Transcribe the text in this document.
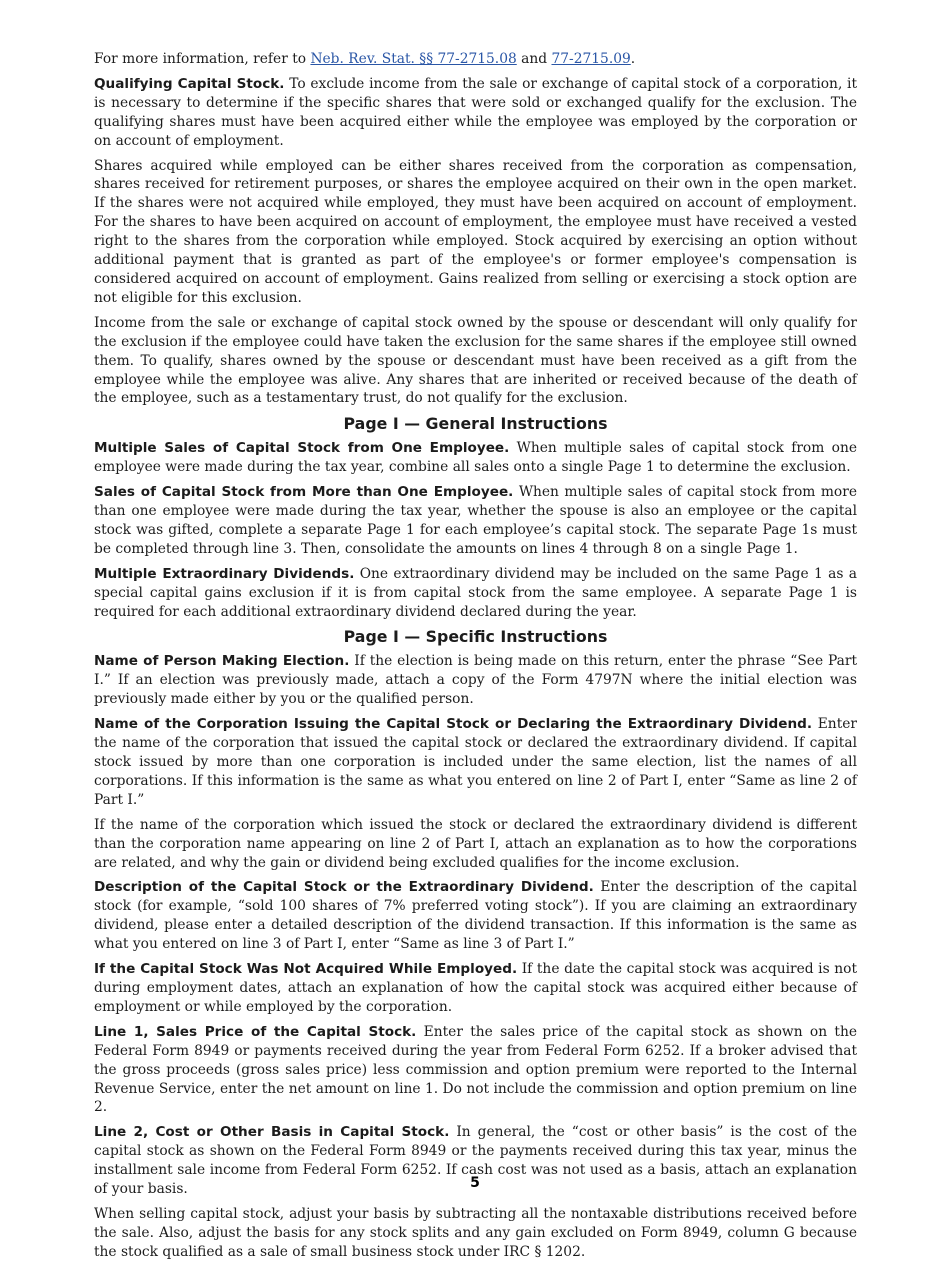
For more information, refer to Neb. Rev. Stat. §§ 77-2715.08 and 77-2715.09.

Qualifying Capital Stock. To exclude income from the sale or exchange of capital stock of a corporation, it is necessary to determine if the specific shares that were sold or exchanged qualify for the exclusion. The qualifying shares must have been acquired either while the employee was employed by the corporation or on account of employment.

Shares acquired while employed can be either shares received from the corporation as compensation, shares received for retirement purposes, or shares the employee acquired on their own in the open market. If the shares were not acquired while employed, they must have been acquired on account of employment. For the shares to have been acquired on account of employment, the employee must have received a vested right to the shares from the corporation while employed. Stock acquired by exercising an option without additional payment that is granted as part of the employee's or former employee's compensation is considered acquired on account of employment. Gains realized from selling or exercising a stock option are not eligible for this exclusion.

Income from the sale or exchange of capital stock owned by the spouse or descendant will only qualify for the exclusion if the employee could have taken the exclusion for the same shares if the employee still owned them. To qualify, shares owned by the spouse or descendant must have been received as a gift from the employee while the employee was alive. Any shares that are inherited or received because of the death of the employee, such as a testamentary trust, do not qualify for the exclusion.

Page I — General Instructions

Multiple Sales of Capital Stock from One Employee. When multiple sales of capital stock from one employee were made during the tax year, combine all sales onto a single Page 1 to determine the exclusion.

Sales of Capital Stock from More than One Employee. When multiple sales of capital stock from more than one employee were made during the tax year, whether the spouse is also an employee or the capital stock was gifted, complete a separate Page 1 for each employee’s capital stock. The separate Page 1s must be completed through line 3. Then, consolidate the amounts on lines 4 through 8 on a single Page 1.

Multiple Extraordinary Dividends. One extraordinary dividend may be included on the same Page 1 as a special capital gains exclusion if it is from capital stock from the same employee. A separate Page 1 is required for each additional extraordinary dividend declared during the year.

Page I — Specific Instructions

Name of Person Making Election. If the election is being made on this return, enter the phrase “See Part I.” If an election was previously made, attach a copy of the Form 4797N where the initial election was previously made either by you or the qualified person.

Name of the Corporation Issuing the Capital Stock or Declaring the Extraordinary Dividend. Enter the name of the corporation that issued the capital stock or declared the extraordinary dividend. If capital stock issued by more than one corporation is included under the same election, list the names of all corporations. If this information is the same as what you entered on line 2 of Part I, enter “Same as line 2 of Part I.”

If the name of the corporation which issued the stock or declared the extraordinary dividend is different than the corporation name appearing on line 2 of Part I, attach an explanation as to how the corporations are related, and why the gain or dividend being excluded qualifies for the income exclusion.

Description of the Capital Stock or the Extraordinary Dividend. Enter the description of the capital stock (for example, “sold 100 shares of 7% preferred voting stock”). If you are claiming an extraordinary dividend, please enter a detailed description of the dividend transaction. If this information is the same as what you entered on line 3 of Part I, enter “Same as line 3 of Part I.”

If the Capital Stock Was Not Acquired While Employed. If the date the capital stock was acquired is not during employment dates, attach an explanation of how the capital stock was acquired either because of employment or while employed by the corporation.

Line 1, Sales Price of the Capital Stock. Enter the sales price of the capital stock as shown on the Federal Form 8949 or payments received during the year from Federal Form 6252. If a broker advised that the gross proceeds (gross sales price) less commission and option premium were reported to the Internal Revenue Service, enter the net amount on line 1. Do not include the commission and option premium on line 2.

Line 2, Cost or Other Basis in Capital Stock. In general, the “cost or other basis” is the cost of the capital stock as shown on the Federal Form 8949 or the payments received during this tax year, minus the installment sale income from Federal Form 6252. If cash cost was not used as a basis, attach an explanation of your basis.

When selling capital stock, adjust your basis by subtracting all the nontaxable distributions received before the sale. Also, adjust the basis for any stock splits and any gain excluded on Form 8949, column G because the stock qualified as a sale of small business stock under IRC § 1202.

5
